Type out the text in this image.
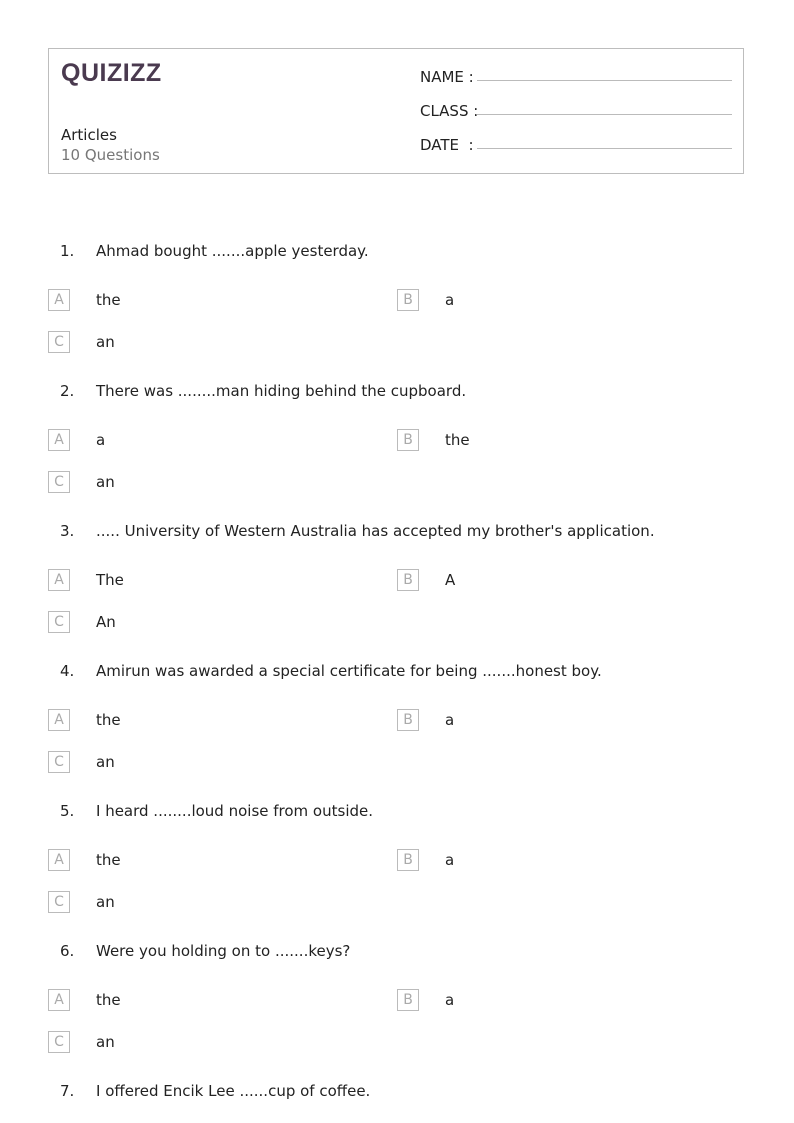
QUIZIZZ
Articles
10 Questions
NAME :
CLASS :
DATE  :
1. Ahmad bought .......apple yesterday.
A	the	B	a
C	an
2. There was ........man hiding behind the cupboard.
A	a	B	the
C	an
3. ..... University of Western Australia has accepted my brother's application.
A	The	B	A
C	An
4. Amirun was awarded a special certificate for being .......honest boy.
A	the	B	a
C	an
5. I heard ........loud noise from outside.
A	the	B	a
C	an
6. Were you holding on to .......keys?
A	the	B	a
C	an
7. I offered Encik Lee ......cup of coffee.
